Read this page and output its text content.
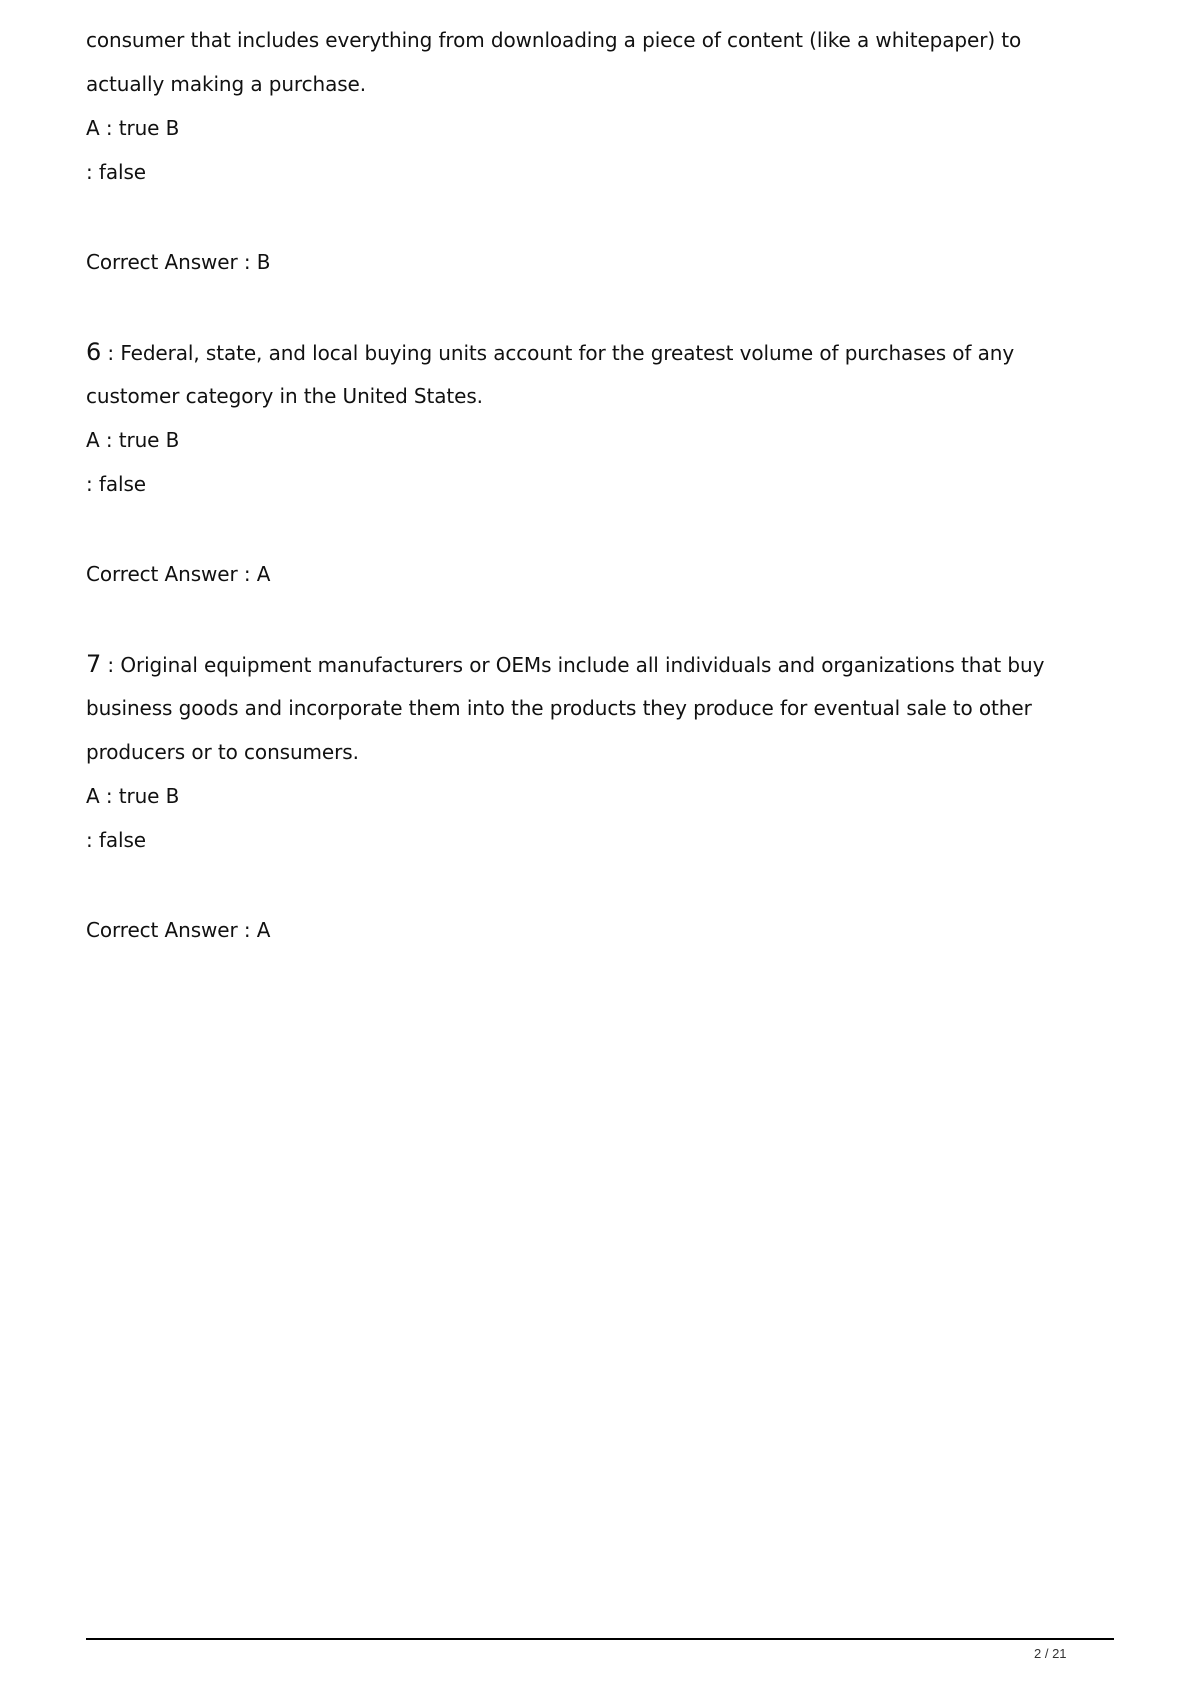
consumer that includes everything from downloading a piece of content (like a whitepaper) to
actually making a purchase.
A : true B
: false
Correct Answer : B
6 : Federal, state, and local buying units account for the greatest volume of purchases of any
customer category in the United States.
A : true B
: false
Correct Answer : A
7 : Original equipment manufacturers or OEMs include all individuals and organizations that buy
business goods and incorporate them into the products they produce for eventual sale to other
producers or to consumers.
A : true B
: false
Correct Answer : A
2 / 21
